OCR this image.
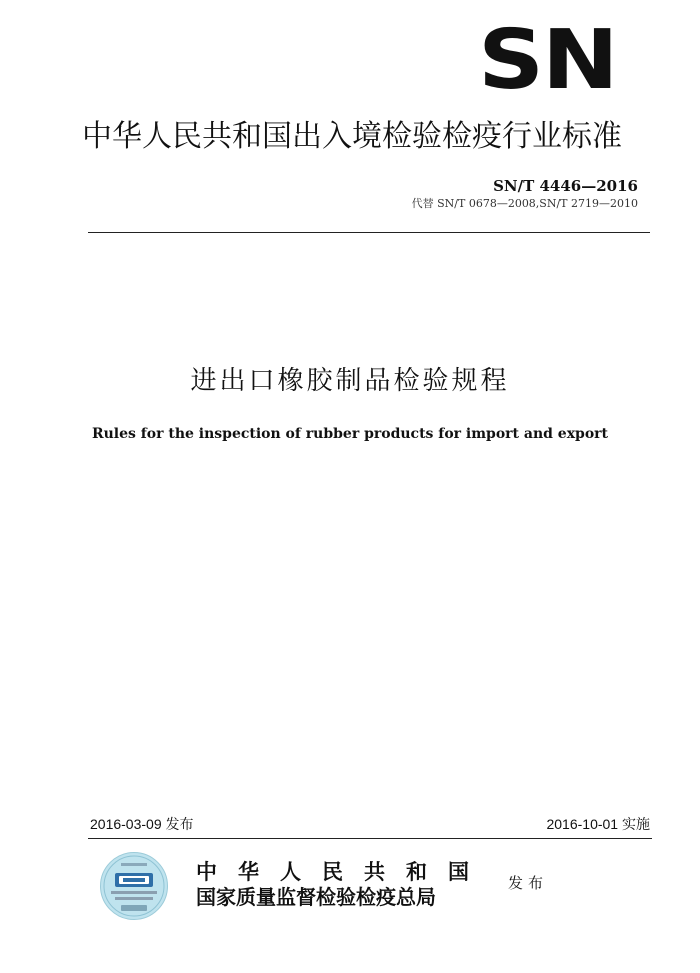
SN
中华人民共和国出入境检验检疫行业标准
SN/T 4446—2016
代替 SN/T 0678—2008,SN/T 2719—2010
进出口橡胶制品检验规程
Rules for the inspection of rubber products for import and export
2016-03-09 发布	2016-10-01 实施
中华人民共和国
国家质量监督检验检疫总局
发布
